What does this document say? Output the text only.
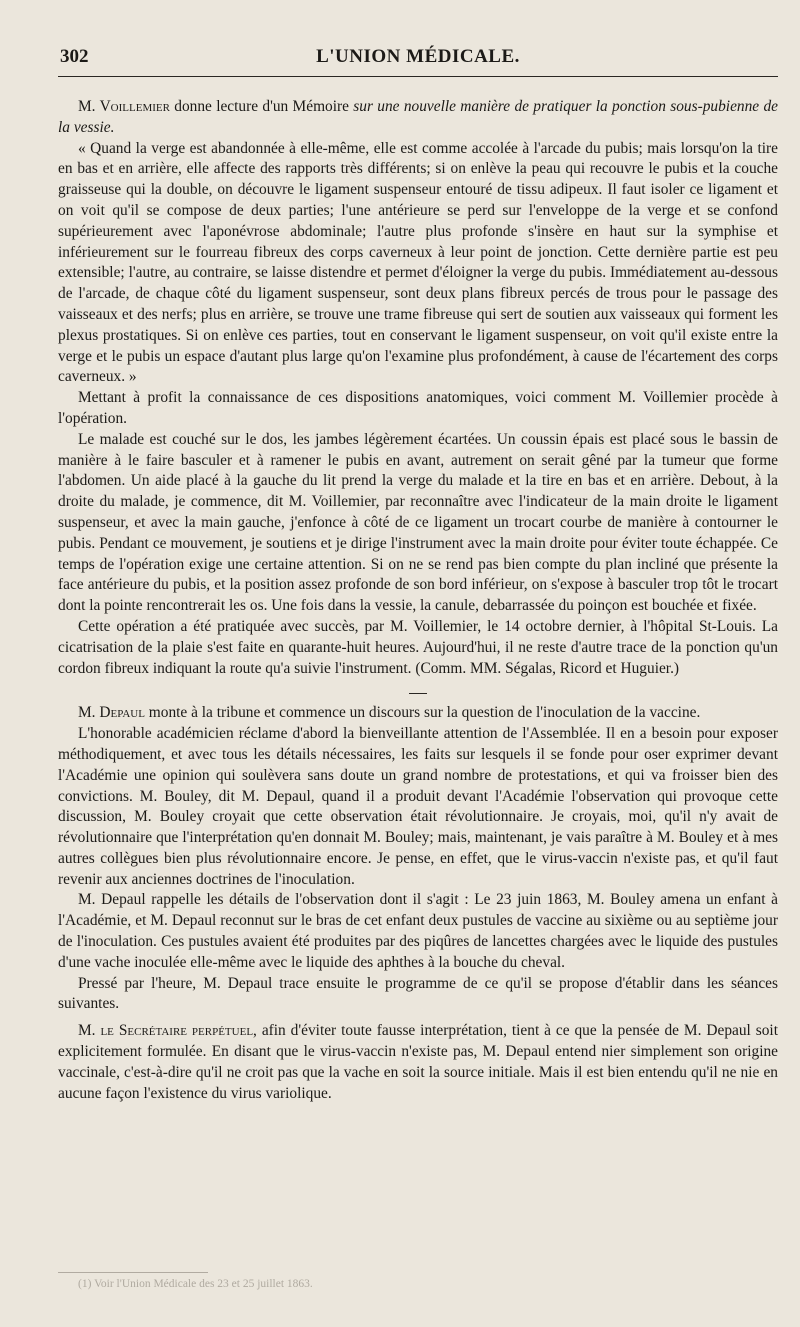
302	L'UNION MÉDICALE.

M. Voillemier donne lecture d'un Mémoire sur une nouvelle manière de pratiquer la ponction sous-pubienne de la vessie.

« Quand la verge est abandonnée à elle-même, elle est comme accolée à l'arcade du pubis; mais lorsqu'on la tire en bas et en arrière, elle affecte des rapports très différents; si on enlève la peau qui recouvre le pubis et la couche graisseuse qui la double, on découvre le ligament suspenseur entouré de tissu adipeux. Il faut isoler ce ligament et on voit qu'il se compose de deux parties; l'une antérieure se perd sur l'enveloppe de la verge et se confond supérieurement avec l'aponévrose abdominale; l'autre plus profonde s'insère en haut sur la symphise et inférieurement sur le fourreau fibreux des corps caverneux à leur point de jonction. Cette dernière partie est peu extensible; l'autre, au contraire, se laisse distendre et permet d'éloigner la verge du pubis. Immédiatement au-dessous de l'arcade, de chaque côté du ligament suspenseur, sont deux plans fibreux percés de trous pour le passage des vaisseaux et des nerfs; plus en arrière, se trouve une trame fibreuse qui sert de soutien aux vaisseaux qui forment les plexus prostatiques. Si on enlève ces parties, tout en conservant le ligament suspenseur, on voit qu'il existe entre la verge et le pubis un espace d'autant plus large qu'on l'examine plus profondément, à cause de l'écartement des corps caverneux. »

Mettant à profit la connaissance de ces dispositions anatomiques, voici comment M. Voillemier procède à l'opération.

Le malade est couché sur le dos, les jambes légèrement écartées. Un coussin épais est placé sous le bassin de manière à le faire basculer et à ramener le pubis en avant, autrement on serait gêné par la tumeur que forme l'abdomen. Un aide placé à la gauche du lit prend la verge du malade et la tire en bas et en arrière. Debout, à la droite du malade, je commence, dit M. Voillemier, par reconnaître avec l'indicateur de la main droite le ligament suspenseur, et avec la main gauche, j'enfonce à côté de ce ligament un trocart courbe de manière à contourner le pubis. Pendant ce mouvement, je soutiens et je dirige l'instrument avec la main droite pour éviter toute échappée. Ce temps de l'opération exige une certaine attention. Si on ne se rend pas bien compte du plan incliné que présente la face antérieure du pubis, et la position assez profonde de son bord inférieur, on s'expose à basculer trop tôt le trocart dont la pointe rencontrerait les os. Une fois dans la vessie, la canule, debarrassée du poinçon est bouchée et fixée.

Cette opération a été pratiquée avec succès, par M. Voillemier, le 14 octobre dernier, à l'hôpital St-Louis. La cicatrisation de la plaie s'est faite en quarante-huit heures. Aujourd'hui, il ne reste d'autre trace de la ponction qu'un cordon fibreux indiquant la route qu'a suivie l'instrument. (Comm. MM. Ségalas, Ricord et Huguier.)

M. Depaul monte à la tribune et commence un discours sur la question de l'inoculation de la vaccine.

L'honorable académicien réclame d'abord la bienveillante attention de l'Assemblée. Il en a besoin pour exposer méthodiquement, et avec tous les détails nécessaires, les faits sur lesquels il se fonde pour oser exprimer devant l'Académie une opinion qui soulèvera sans doute un grand nombre de protestations, et qui va froisser bien des convictions. M. Bouley, dit M. Depaul, quand il a produit devant l'Académie l'observation qui provoque cette discussion, M. Bouley croyait que cette observation était révolutionnaire. Je croyais, moi, qu'il n'y avait de révolutionnaire que l'interprétation qu'en donnait M. Bouley; mais, maintenant, je vais paraître à M. Bouley et à mes autres collègues bien plus révolutionnaire encore. Je pense, en effet, que le virus-vaccin n'existe pas, et qu'il faut revenir aux anciennes doctrines de l'inoculation.

M. Depaul rappelle les détails de l'observation dont il s'agit : Le 23 juin 1863, M. Bouley amena un enfant à l'Académie, et M. Depaul reconnut sur le bras de cet enfant deux pustules de vaccine au sixième ou au septième jour de l'inoculation. Ces pustules avaient été produites par des piqûres de lancettes chargées avec le liquide des pustules d'une vache inoculée elle-même avec le liquide des aphthes à la bouche du cheval.

Pressé par l'heure, M. Depaul trace ensuite le programme de ce qu'il se propose d'établir dans les séances suivantes.

M. le Secrétaire perpétuel, afin d'éviter toute fausse interprétation, tient à ce que la pensée de M. Depaul soit explicitement formulée. En disant que le virus-vaccin n'existe pas, M. Depaul entend nier simplement son origine vaccinale, c'est-à-dire qu'il ne croit pas que la vache en soit la source initiale. Mais il est bien entendu qu'il ne nie en aucune façon l'existence du virus variolique.

(1) Voir l'Union Médicale des 23 et 25 juillet 1863.
